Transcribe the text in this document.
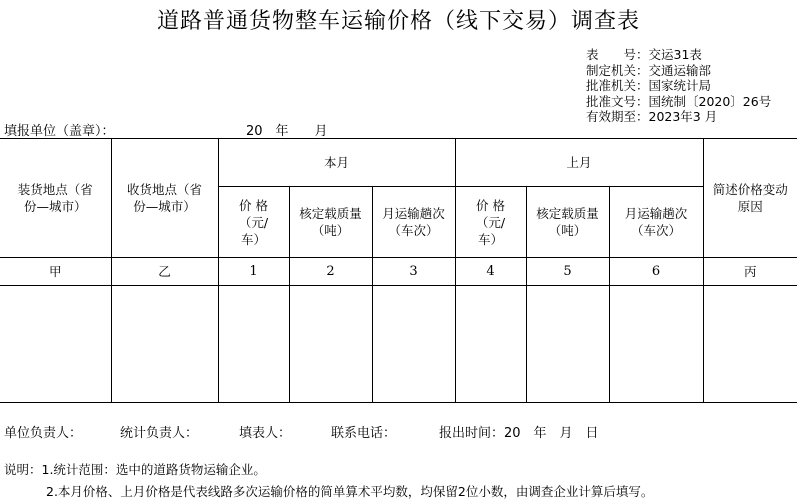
道路普通货物整车运输价格（线下交易）调查表
表　　号：交运31表
制定机关：交通运输部
批准机关：国家统计局
批准文号：国统制〔2020〕26号
有效期至：2023年3 月
填报单位（盖章）：	20　年　　月
装货地点（省份—城市）	收货地点（省份—城市）	本月			上月			简述价格变动原因

		价 格（元/车）	核定载质量（吨）	月运输趟次（车次）	价 格（元/车）	核定载质量（吨）	月运输趟次（车次）	

甲	乙	1	2	3	4	5	6	丙

单位负责人：	统计负责人：	填表人：	联系电话：	报出时间：20　年　月　日
说明：1.统计范围：选中的道路货物运输企业。
2.本月价格、上月价格是代表线路多次运输价格的简单算术平均数，均保留2位小数，由调查企业计算后填写。
